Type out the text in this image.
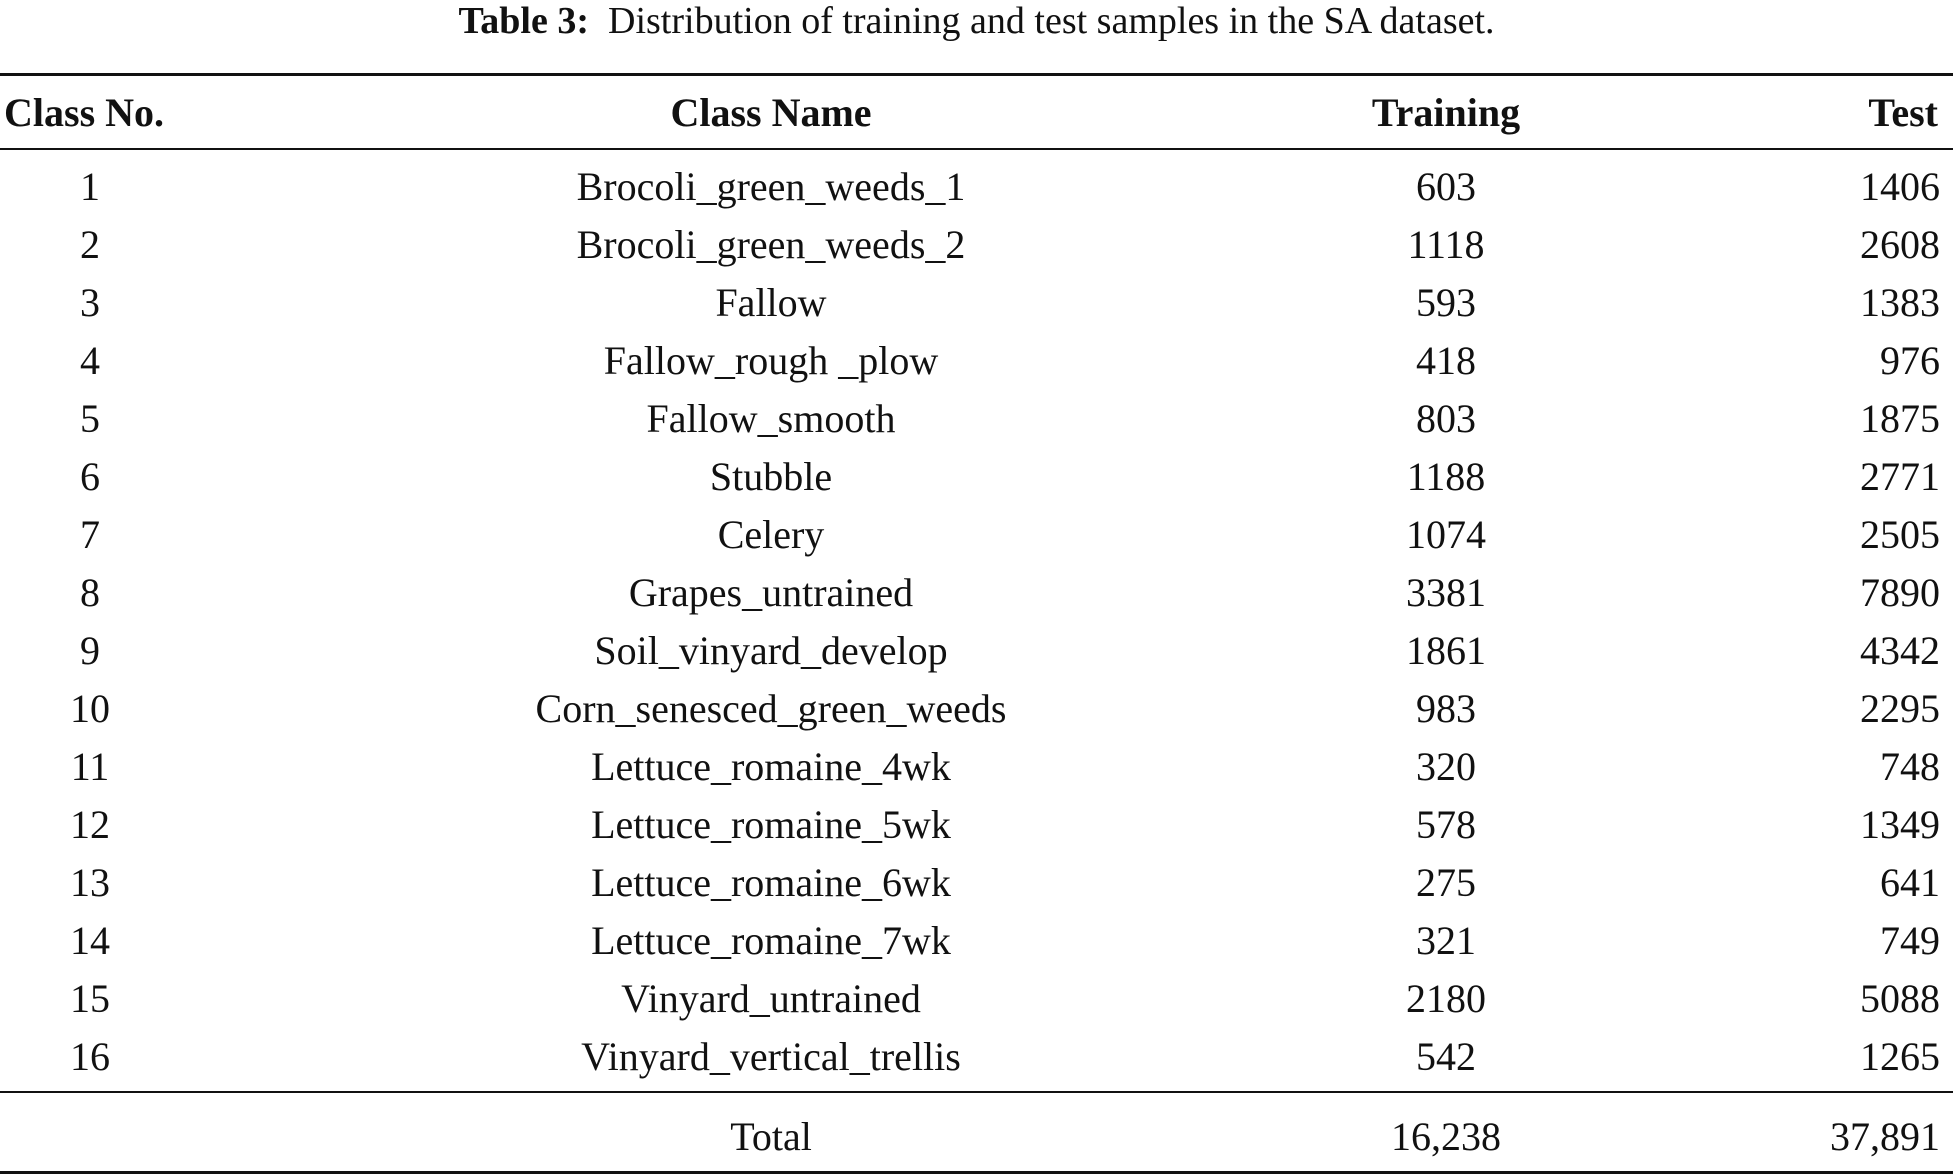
Table 3: Distribution of training and test samples in the SA dataset.
Class No.	Class Name	Training	Test
1	Brocoli_green_weeds_1	603	1406
2	Brocoli_green_weeds_2	1118	2608
3	Fallow	593	1383
4	Fallow_rough _plow	418	976
5	Fallow_smooth	803	1875
6	Stubble	1188	2771
7	Celery	1074	2505
8	Grapes_untrained	3381	7890
9	Soil_vinyard_develop	1861	4342
10	Corn_senesced_green_weeds	983	2295
11	Lettuce_romaine_4wk	320	748
12	Lettuce_romaine_5wk	578	1349
13	Lettuce_romaine_6wk	275	641
14	Lettuce_romaine_7wk	321	749
15	Vinyard_untrained	2180	5088
16	Vinyard_vertical_trellis	542	1265
Total	16,238	37,891
